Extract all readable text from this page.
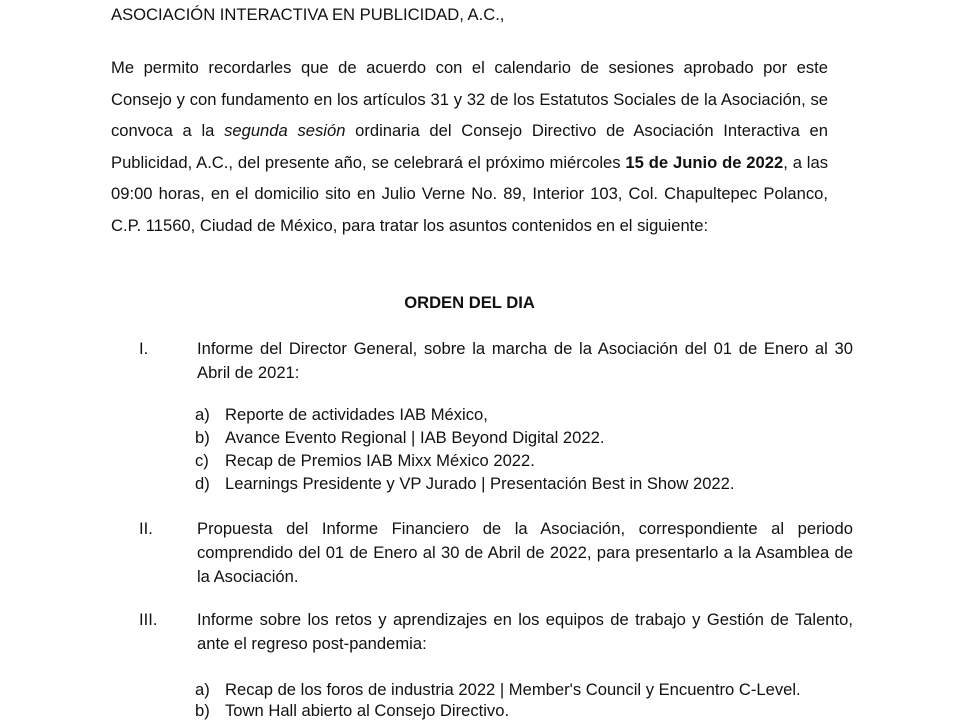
ASOCIACIÓN INTERACTIVA EN PUBLICIDAD, A.C.,
Me permito recordarles que de acuerdo con el calendario de sesiones aprobado por este Consejo y con fundamento en los artículos 31 y 32 de los Estatutos Sociales de la Asociación, se convoca a la segunda sesión ordinaria del Consejo Directivo de Asociación Interactiva en Publicidad, A.C., del presente año, se celebrará el próximo miércoles 15 de Junio de 2022, a las 09:00 horas, en el domicilio sito en Julio Verne No. 89, Interior 103, Col. Chapultepec Polanco, C.P. 11560, Ciudad de México, para tratar los asuntos contenidos en el siguiente:
ORDEN DEL DIA
I.	Informe del Director General, sobre la marcha de la Asociación del 01 de Enero al 30 Abril de 2021:
a) Reporte de actividades IAB México,
b) Avance Evento Regional | IAB Beyond Digital 2022.
c) Recap de Premios IAB Mixx México 2022.
d) Learnings Presidente y VP Jurado | Presentación Best in Show 2022.
II.	Propuesta del Informe Financiero de la Asociación, correspondiente al periodo comprendido del 01 de Enero al 30 de Abril de 2022, para presentarlo a la Asamblea de la Asociación.
III. Informe sobre los retos y aprendizajes en los equipos de trabajo y Gestión de Talento, ante el regreso post-pandemia:
a) Recap de los foros de industria 2022 | Member's Council y Encuentro C-Level.
b) Town Hall abierto al Consejo Directivo.
